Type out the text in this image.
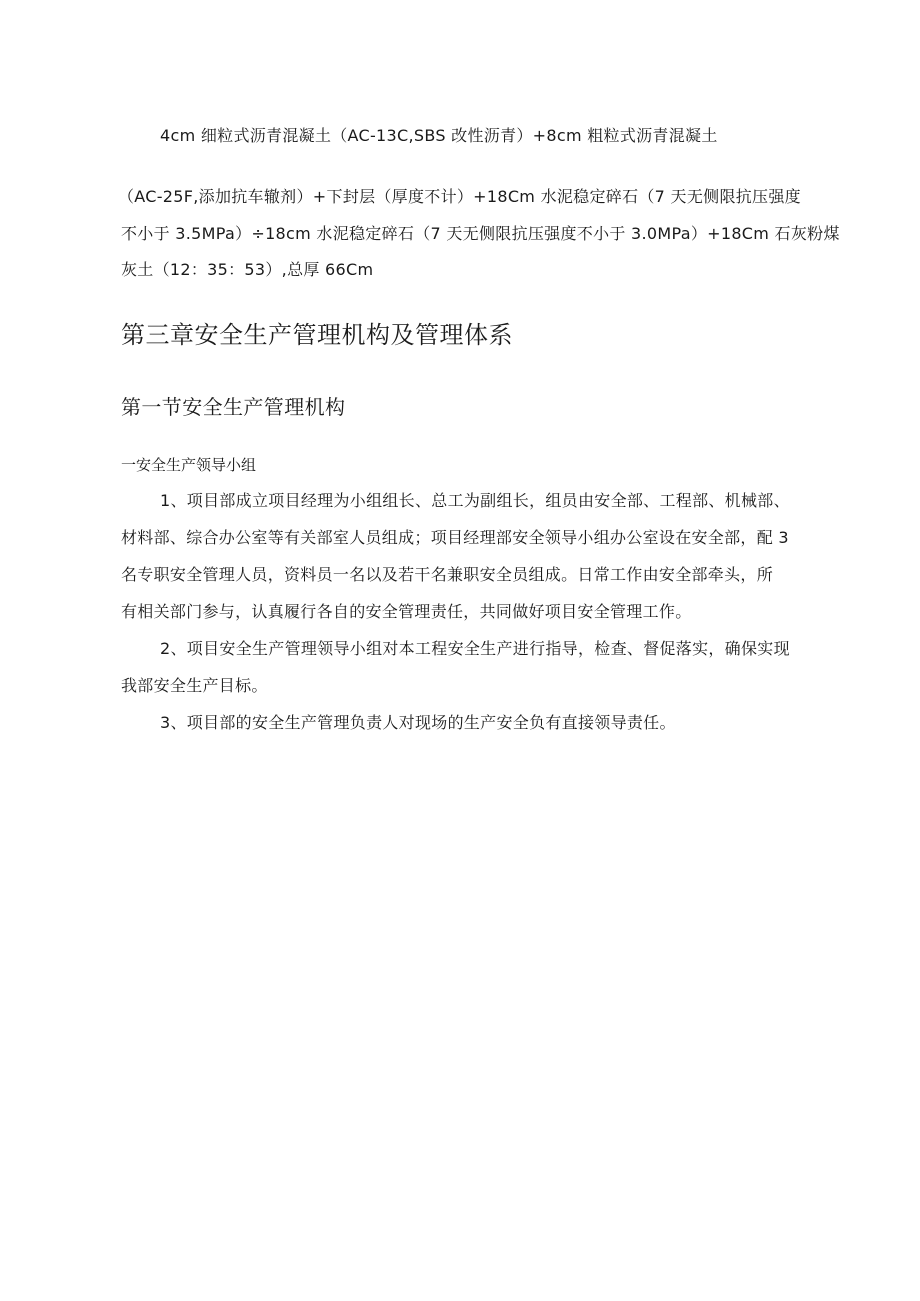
4cm 细粒式沥青混凝土（AC-13C,SBS 改性沥青）+8cm 粗粒式沥青混凝土
（AC-25F,添加抗车辙剂）+下封层（厚度不计）+18Cm 水泥稳定碎石（7 天无侧限抗压强度
不小于 3.5MPa）÷18cm 水泥稳定碎石（7 天无侧限抗压强度不小于 3.0MPa）+18Cm 石灰粉煤
灰土（12：35：53）,总厚 66Cm
第三章安全生产管理机构及管理体系
第一节安全生产管理机构
一安全生产领导小组
1、项目部成立项目经理为小组组长、总工为副组长，组员由安全部、工程部、机械部、
材料部、综合办公室等有关部室人员组成；项目经理部安全领导小组办公室设在安全部，配 3
名专职安全管理人员，资料员一名以及若干名兼职安全员组成。日常工作由安全部牵头，所
有相关部门参与，认真履行各自的安全管理责任，共同做好项目安全管理工作。
2、项目安全生产管理领导小组对本工程安全生产进行指导，检查、督促落实，确保实现
我部安全生产目标。
3、项目部的安全生产管理负责人对现场的生产安全负有直接领导责任。
